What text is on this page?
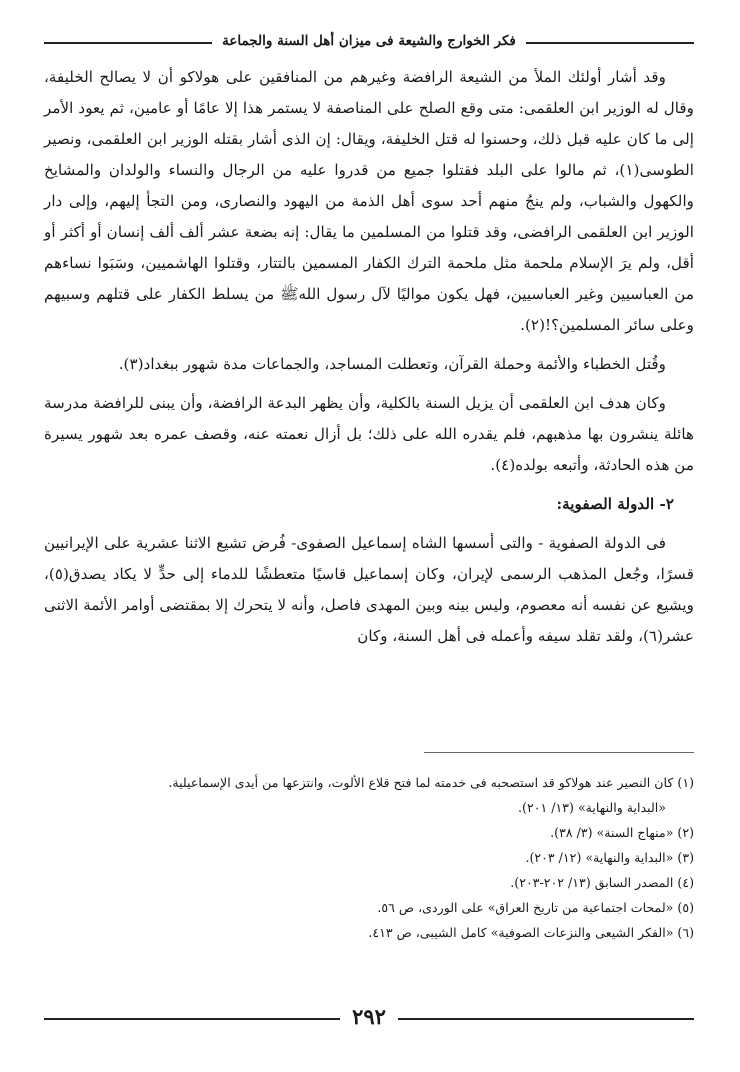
فكر الخوارج والشيعة فى ميزان أهل السنة والجماعة

وقد أشار أولئك الملأ من الشيعة الرافضة وغيرهم من المنافقين على هولاكو أن لا يصالح الخليفة، وقال له الوزير ابن العلقمى: متى وقع الصلح على المناصفة لا يستمر هذا إلا عامًا أو عامين، ثم يعود الأمر إلى ما كان عليه قبل ذلك، وحسنوا له قتل الخليفة، ويقال: إن الذى أشار بقتله الوزير ابن العلقمى، ونصير الطوسى(١)، ثم مالوا على البلد فقتلوا جميع من قدروا عليه من الرجال والنساء والولدان والمشايخ والكهول والشباب، ولم ينجُ منهم أحد سوى أهل الذمة من اليهود والنصارى، ومن التجأ إليهم، وإلى دار الوزير ابن العلقمى الرافضى، وقد قتلوا من المسلمين ما يقال: إنه بضعة عشر ألف ألف إنسان أو أكثر أو أقل، ولم يرَ الإسلام ملحمة مثل ملحمة الترك الكفار المسمين بالتتار، وقتلوا الهاشميين، وسَبَوا نساءهم من العباسيين وغير العباسيين، فهل يكون مواليًا لآل رسول اللهﷺ من يسلط الكفار على قتلهم وسبيهم وعلى سائر المسلمين؟!(٢).

وقُتل الخطباء والأئمة وحملة القرآن، وتعطلت المساجد، والجماعات مدة شهور ببغداد(٣).

وكان هدف ابن العلقمى أن يزيل السنة بالكلية، وأن يظهر البدعة الرافضة، وأن يبنى للرافضة مدرسة هائلة ينشرون بها مذهبهم، فلم يقدره الله على ذلك؛ بل أزال نعمته عنه، وقصف عمره بعد شهور يسيرة من هذه الحادثة، وأتبعه بولده(٤).

٢- الدولة الصفوية:

فى الدولة الصفوية - والتى أسسها الشاه إسماعيل الصفوى- فُرض تشيع الاثنا عشرية على الإيرانيين قسرًا، وجُعل المذهب الرسمى لإيران، وكان إسماعيل قاسيًا متعطشًا للدماء إلى حدٍّ لا يكاد يصدق(٥)، ويشيع عن نفسه أنه معصوم، وليس بينه وبين المهدى فاصل، وأنه لا يتحرك إلا بمقتضى أوامر الأئمة الاثنى عشر(٦)، ولقد تقلد سيفه وأعمله فى أهل السنة، وكان

(١) كان النصير عند هولاكو قد استصحبه فى خدمته لما فتح قلاع الألوت، وانتزعها من أيدى الإسماعيلية.
«البداية والنهاية» (١٣/ ٢٠١).
(٢) «منهاج السنة» (٣/ ٣٨).
(٣) «البداية والنهاية» (١٢/ ٢٠٣).
(٤) المصدر السابق (١٣/ ٢٠٢-٢٠٣).
(٥) «لمحات اجتماعية من تاريخ العراق» على الوردى، ص ٥٦.
(٦) «الفكر الشيعى والنزعات الصوفية» كامل الشيبى، ص ٤١٣.
٢٩٢
